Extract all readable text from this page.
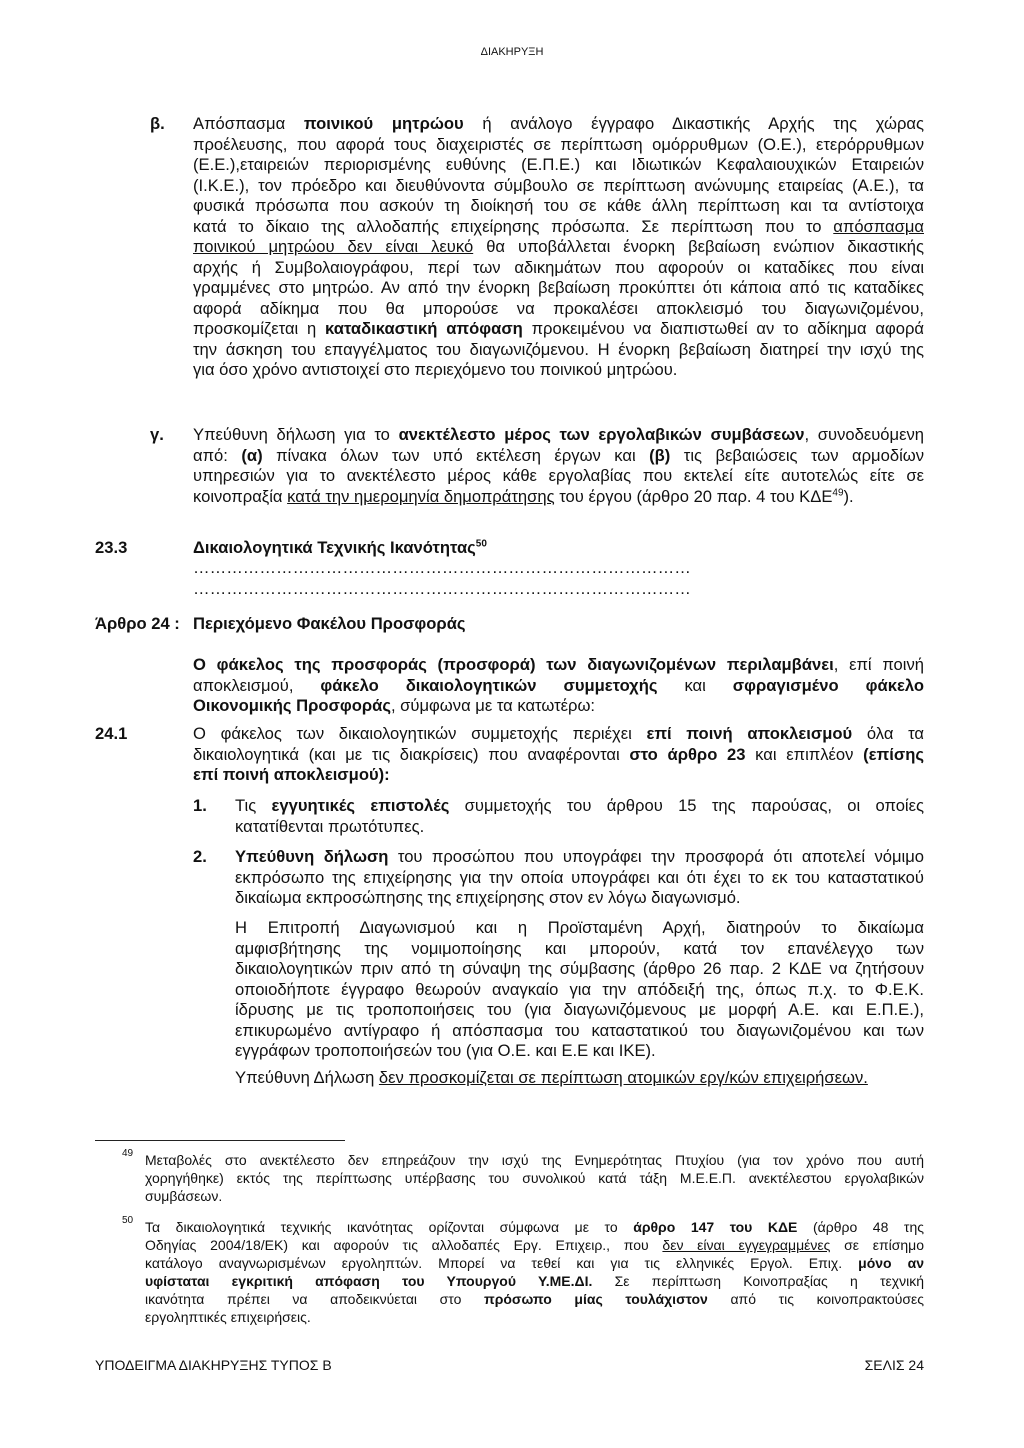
ΔΙΑΚΗΡΥΞΗ
β. Απόσπασμα ποινικού μητρώου ή ανάλογο έγγραφο Δικαστικής Αρχής της χώρας
προέλευσης, που αφορά τους διαχειριστές σε περίπτωση ομόρρυθμων (Ο.Ε.), ετερόρρυθμων
(Ε.Ε.),εταιρειών περιορισμένης ευθύνης (Ε.Π.Ε.) και Ιδιωτικών Κεφαλαιουχικών Εταιρειών
(Ι.Κ.Ε.), τον πρόεδρο και διευθύνοντα σύμβουλο σε περίπτωση ανώνυμης εταιρείας (Α.Ε.), τα
φυσικά πρόσωπα που ασκούν τη διοίκησή του σε κάθε άλλη περίπτωση και τα αντίστοιχα
κατά το δίκαιο της αλλοδαπής επιχείρησης πρόσωπα. Σε περίπτωση που το απόσπασμα
ποινικού μητρώου δεν είναι λευκό θα υποβάλλεται ένορκη βεβαίωση ενώπιον δικαστικής
αρχής ή Συμβολαιογράφου, περί των αδικημάτων που αφορούν οι καταδίκες που είναι
γραμμένες στο μητρώο. Αν από την ένορκη βεβαίωση προκύπτει ότι κάποια από τις καταδίκες
αφορά αδίκημα που θα μπορούσε να προκαλέσει αποκλεισμό του διαγωνιζομένου,
προσκομίζεται η καταδικαστική απόφαση προκειμένου να διαπιστωθεί αν το αδίκημα αφορά
την άσκηση του επαγγέλματος του διαγωνιζόμενου. Η ένορκη βεβαίωση διατηρεί την ισχύ της
για όσο χρόνο αντιστοιχεί στο περιεχόμενο του ποινικού μητρώου.
γ. Υπεύθυνη δήλωση για το ανεκτέλεστο μέρος των εργολαβικών συμβάσεων, συνοδευόμενη
από: (α) πίνακα όλων των υπό εκτέλεση έργων και (β) τις βεβαιώσεις των αρμοδίων
υπηρεσιών για το ανεκτέλεστο μέρος κάθε εργολαβίας που εκτελεί είτε αυτοτελώς είτε σε
κοινοπραξία κατά την ημερομηνία δημοπράτησης του έργου (άρθρο 20 παρ. 4 του ΚΔΕ$^{49}$).
23.3	Δικαιολογητικά Τεχνικής Ικανότητας$^{50}$
………………………………………………………………………………
………………………………………………………………………………
Άρθρο 24 : Περιεχόμενο Φακέλου Προσφοράς
Ο φάκελος της προσφοράς (προσφορά) των διαγωνιζομένων περιλαμβάνει, επί ποινή
αποκλεισμού, φάκελο δικαιολογητικών συμμετοχής και σφραγισμένο φάκελο
Οικονομικής Προσφοράς, σύμφωνα με τα κατωτέρω:
24.1	Ο φάκελος των δικαιολογητικών συμμετοχής περιέχει επί ποινή αποκλεισμού όλα τα
δικαιολογητικά (και με τις διακρίσεις) που αναφέρονται στο άρθρο 23 και επιπλέον (επίσης
επί ποινή αποκλεισμού):
1. Τις εγγυητικές επιστολές συμμετοχής του άρθρου 15 της παρούσας, οι οποίες
κατατίθενται πρωτότυπες.
2. Υπεύθυνη δήλωση του προσώπου που υπογράφει την προσφορά ότι αποτελεί νόμιμο
εκπρόσωπο της επιχείρησης για την οποία υπογράφει και ότι έχει το εκ του καταστατικού
δικαίωμα εκπροσώπησης της επιχείρησης στον εν λόγω διαγωνισμό.
Η Επιτροπή Διαγωνισμού και η Προϊσταμένη Αρχή, διατηρούν το δικαίωμα
αμφισβήτησης της νομιμοποίησης και μπορούν, κατά τον επανέλεγχο των
δικαιολογητικών πριν από τη σύναψη της σύμβασης (άρθρο 26 παρ. 2 ΚΔΕ να ζητήσουν
οποιοδήποτε έγγραφο θεωρούν αναγκαίο για την απόδειξή της, όπως π.χ. το Φ.Ε.Κ.
ίδρυσης με τις τροποποιήσεις του (για διαγωνιζόμενους με μορφή Α.Ε. και Ε.Π.Ε.),
επικυρωμένο αντίγραφο ή απόσπασμα του καταστατικού του διαγωνιζομένου και των
εγγράφων τροποποιήσεών του (για Ο.Ε. και Ε.Ε και ΙΚΕ).
Υπεύθυνη Δήλωση δεν προσκομίζεται σε περίπτωση ατομικών εργ/κών επιχειρήσεων.
49 Μεταβολές στο ανεκτέλεστο δεν επηρεάζουν την ισχύ της Ενημερότητας Πτυχίου (για τον χρόνο που αυτή
χορηγήθηκε) εκτός της περίπτωσης υπέρβασης του συνολικού κατά τάξη Μ.Ε.Ε.Π. ανεκτέλεστου εργολαβικών
συμβάσεων.
50 Τα δικαιολογητικά τεχνικής ικανότητας ορίζονται σύμφωνα με το άρθρο 147 του ΚΔΕ (άρθρο 48 της
Οδηγίας 2004/18/ΕΚ) και αφορούν τις αλλοδαπές Εργ. Επιχειρ., που δεν είναι εγγεγραμμένες σε επίσημο
κατάλογο αναγνωρισμένων εργοληπτών. Μπορεί να τεθεί και για τις ελληνικές Εργολ. Επιχ. μόνο αν
υφίσταται εγκριτική απόφαση του Υπουργού Υ.ΜΕ.ΔΙ. Σε περίπτωση Κοινοπραξίας η τεχνική
ικανότητα πρέπει να αποδεικνύεται στο πρόσωπο μίας τουλάχιστον από τις κοινοπρακτούσες
εργοληπτικές επιχειρήσεις.
ΥΠΟΔΕΙΓΜΑ ΔΙΑΚΗΡΥΞΗΣ ΤΥΠΟΣ Β	ΣΕΛΙΣ 24
